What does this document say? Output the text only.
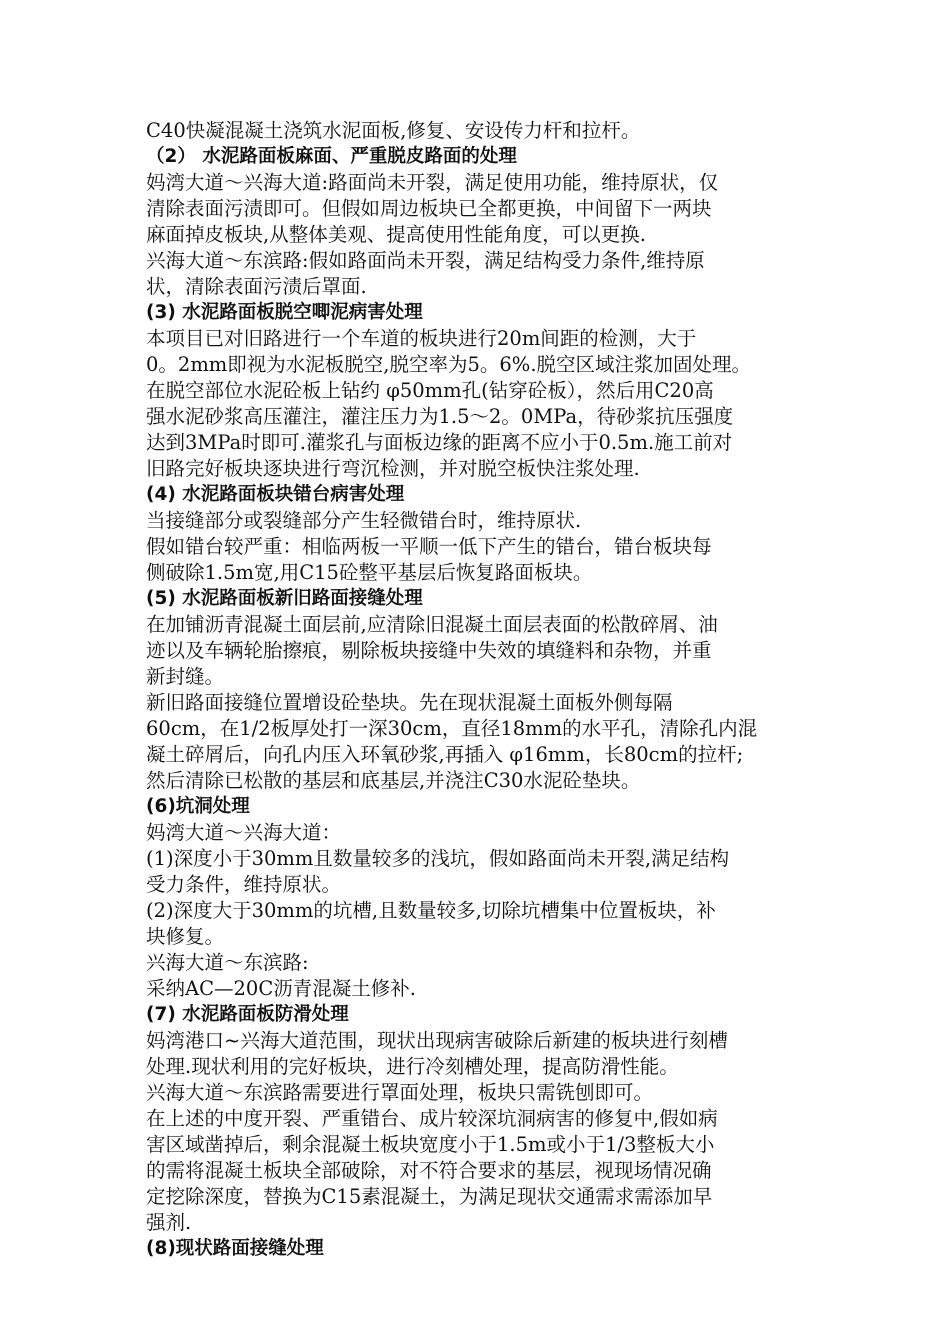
C40快凝混凝土浇筑水泥面板,修复、安设传力杆和拉杆。
（2） 水泥路面板麻面、严重脱皮路面的处理
妈湾大道～兴海大道:路面尚未开裂，满足使用功能，维持原状，仅
清除表面污渍即可。但假如周边板块已全都更换，中间留下一两块
麻面掉皮板块,从整体美观、提高使用性能角度，可以更换.
兴海大道～东滨路:假如路面尚未开裂，满足结构受力条件,维持原
状，清除表面污渍后罩面.
(3) 水泥路面板脱空唧泥病害处理
本项目已对旧路进行一个车道的板块进行20m间距的检测，大于
0。2mm即视为水泥板脱空,脱空率为5。6%.脱空区域注浆加固处理。
在脱空部位水泥砼板上钻约 φ50mm孔(钻穿砼板），然后用C20高
强水泥砂浆高压灌注，灌注压力为1.5～2。0MPa，待砂浆抗压强度
达到3MPa时即可.灌浆孔与面板边缘的距离不应小于0.5m.施工前对
旧路完好板块逐块进行弯沉检测，并对脱空板快注浆处理.
(4) 水泥路面板块错台病害处理
当接缝部分或裂缝部分产生轻微错台时，维持原状.
假如错台较严重：相临两板一平顺一低下产生的错台，错台板块每
侧破除1.5m宽,用C15砼整平基层后恢复路面板块。
(5) 水泥路面板新旧路面接缝处理
在加铺沥青混凝土面层前,应清除旧混凝土面层表面的松散碎屑、油
迹以及车辆轮胎擦痕，剔除板块接缝中失效的填缝料和杂物，并重
新封缝。
新旧路面接缝位置增设砼垫块。先在现状混凝土面板外侧每隔
60cm，在1/2板厚处打一深30cm，直径18mm的水平孔，清除孔内混
凝土碎屑后，向孔内压入环氧砂浆,再插入 φ16mm，长80cm的拉杆;
然后清除已松散的基层和底基层,并浇注C30水泥砼垫块。
(6)坑洞处理
妈湾大道～兴海大道：
(1)深度小于30mm且数量较多的浅坑，假如路面尚未开裂,满足结构
受力条件，维持原状。
(2)深度大于30mm的坑槽,且数量较多,切除坑槽集中位置板块，补
块修复。
兴海大道～东滨路:
采纳AC—20C沥青混凝土修补.
(7) 水泥路面板防滑处理
妈湾港口~兴海大道范围，现状出现病害破除后新建的板块进行刻槽
处理.现状利用的完好板块，进行冷刻槽处理，提高防滑性能。
兴海大道～东滨路需要进行罩面处理，板块只需铣刨即可。
在上述的中度开裂、严重错台、成片较深坑洞病害的修复中,假如病
害区域凿掉后，剩余混凝土板块宽度小于1.5m或小于1/3整板大小
的需将混凝土板块全部破除，对不符合要求的基层，视现场情况确
定挖除深度，替换为C15素混凝土，为满足现状交通需求需添加早
强剂.
(8)现状路面接缝处理
